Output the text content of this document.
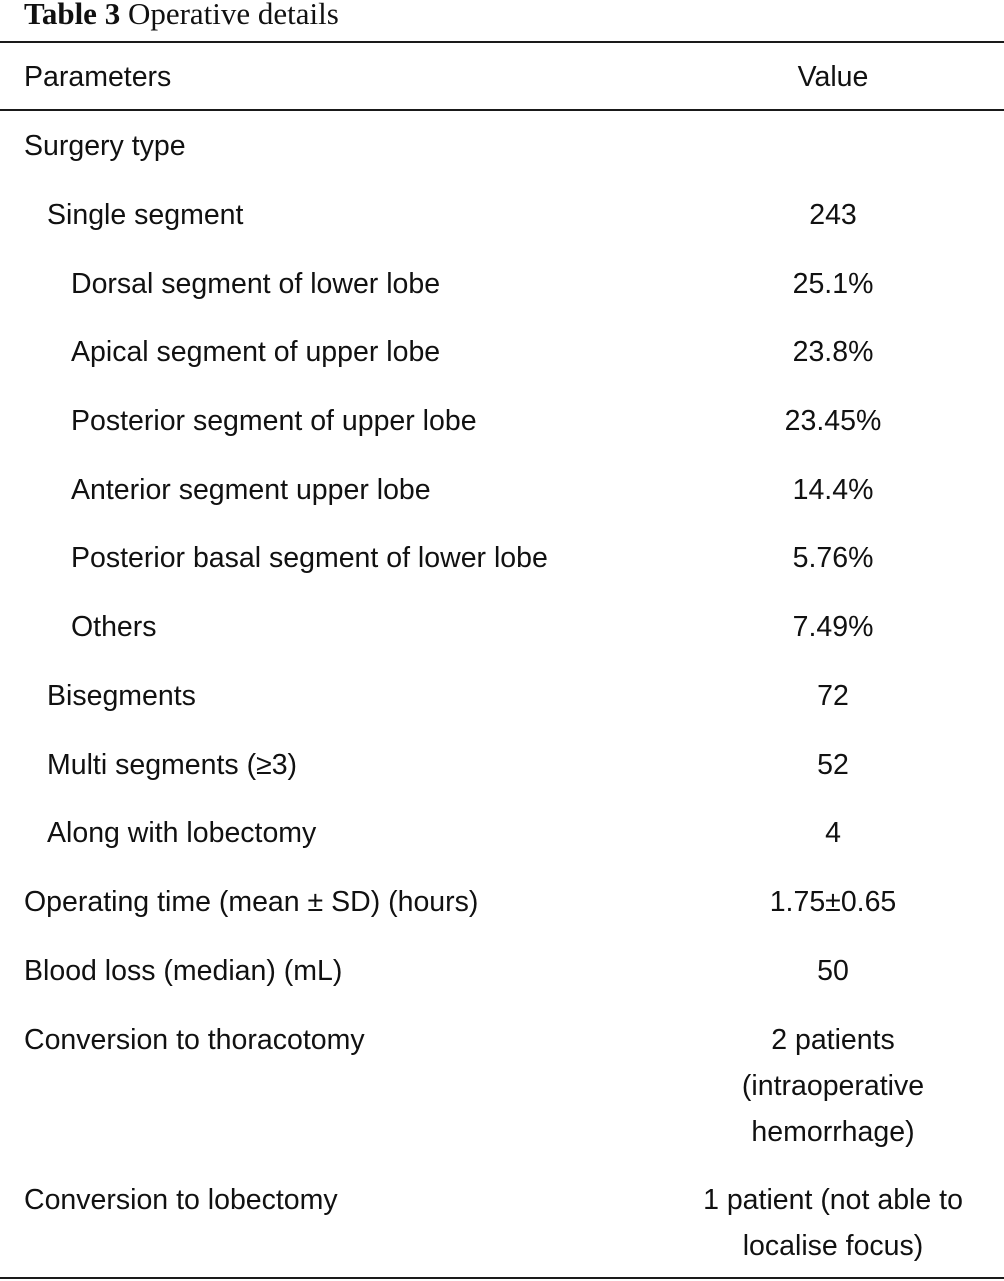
Table 3 Operative details
Parameters	Value
Surgery type
Single segment	243
Dorsal segment of lower lobe	25.1%
Apical segment of upper lobe	23.8%
Posterior segment of upper lobe	23.45%
Anterior segment upper lobe	14.4%
Posterior basal segment of lower lobe	5.76%
Others	7.49%
Bisegments	72
Multi segments (≥3)	52
Along with lobectomy	4
Operating time (mean ± SD) (hours)	1.75±0.65
Blood loss (median) (mL)	50
Conversion to thoracotomy	2 patients
(intraoperative
hemorrhage)
Conversion to lobectomy	1 patient (not able to
localise focus)
